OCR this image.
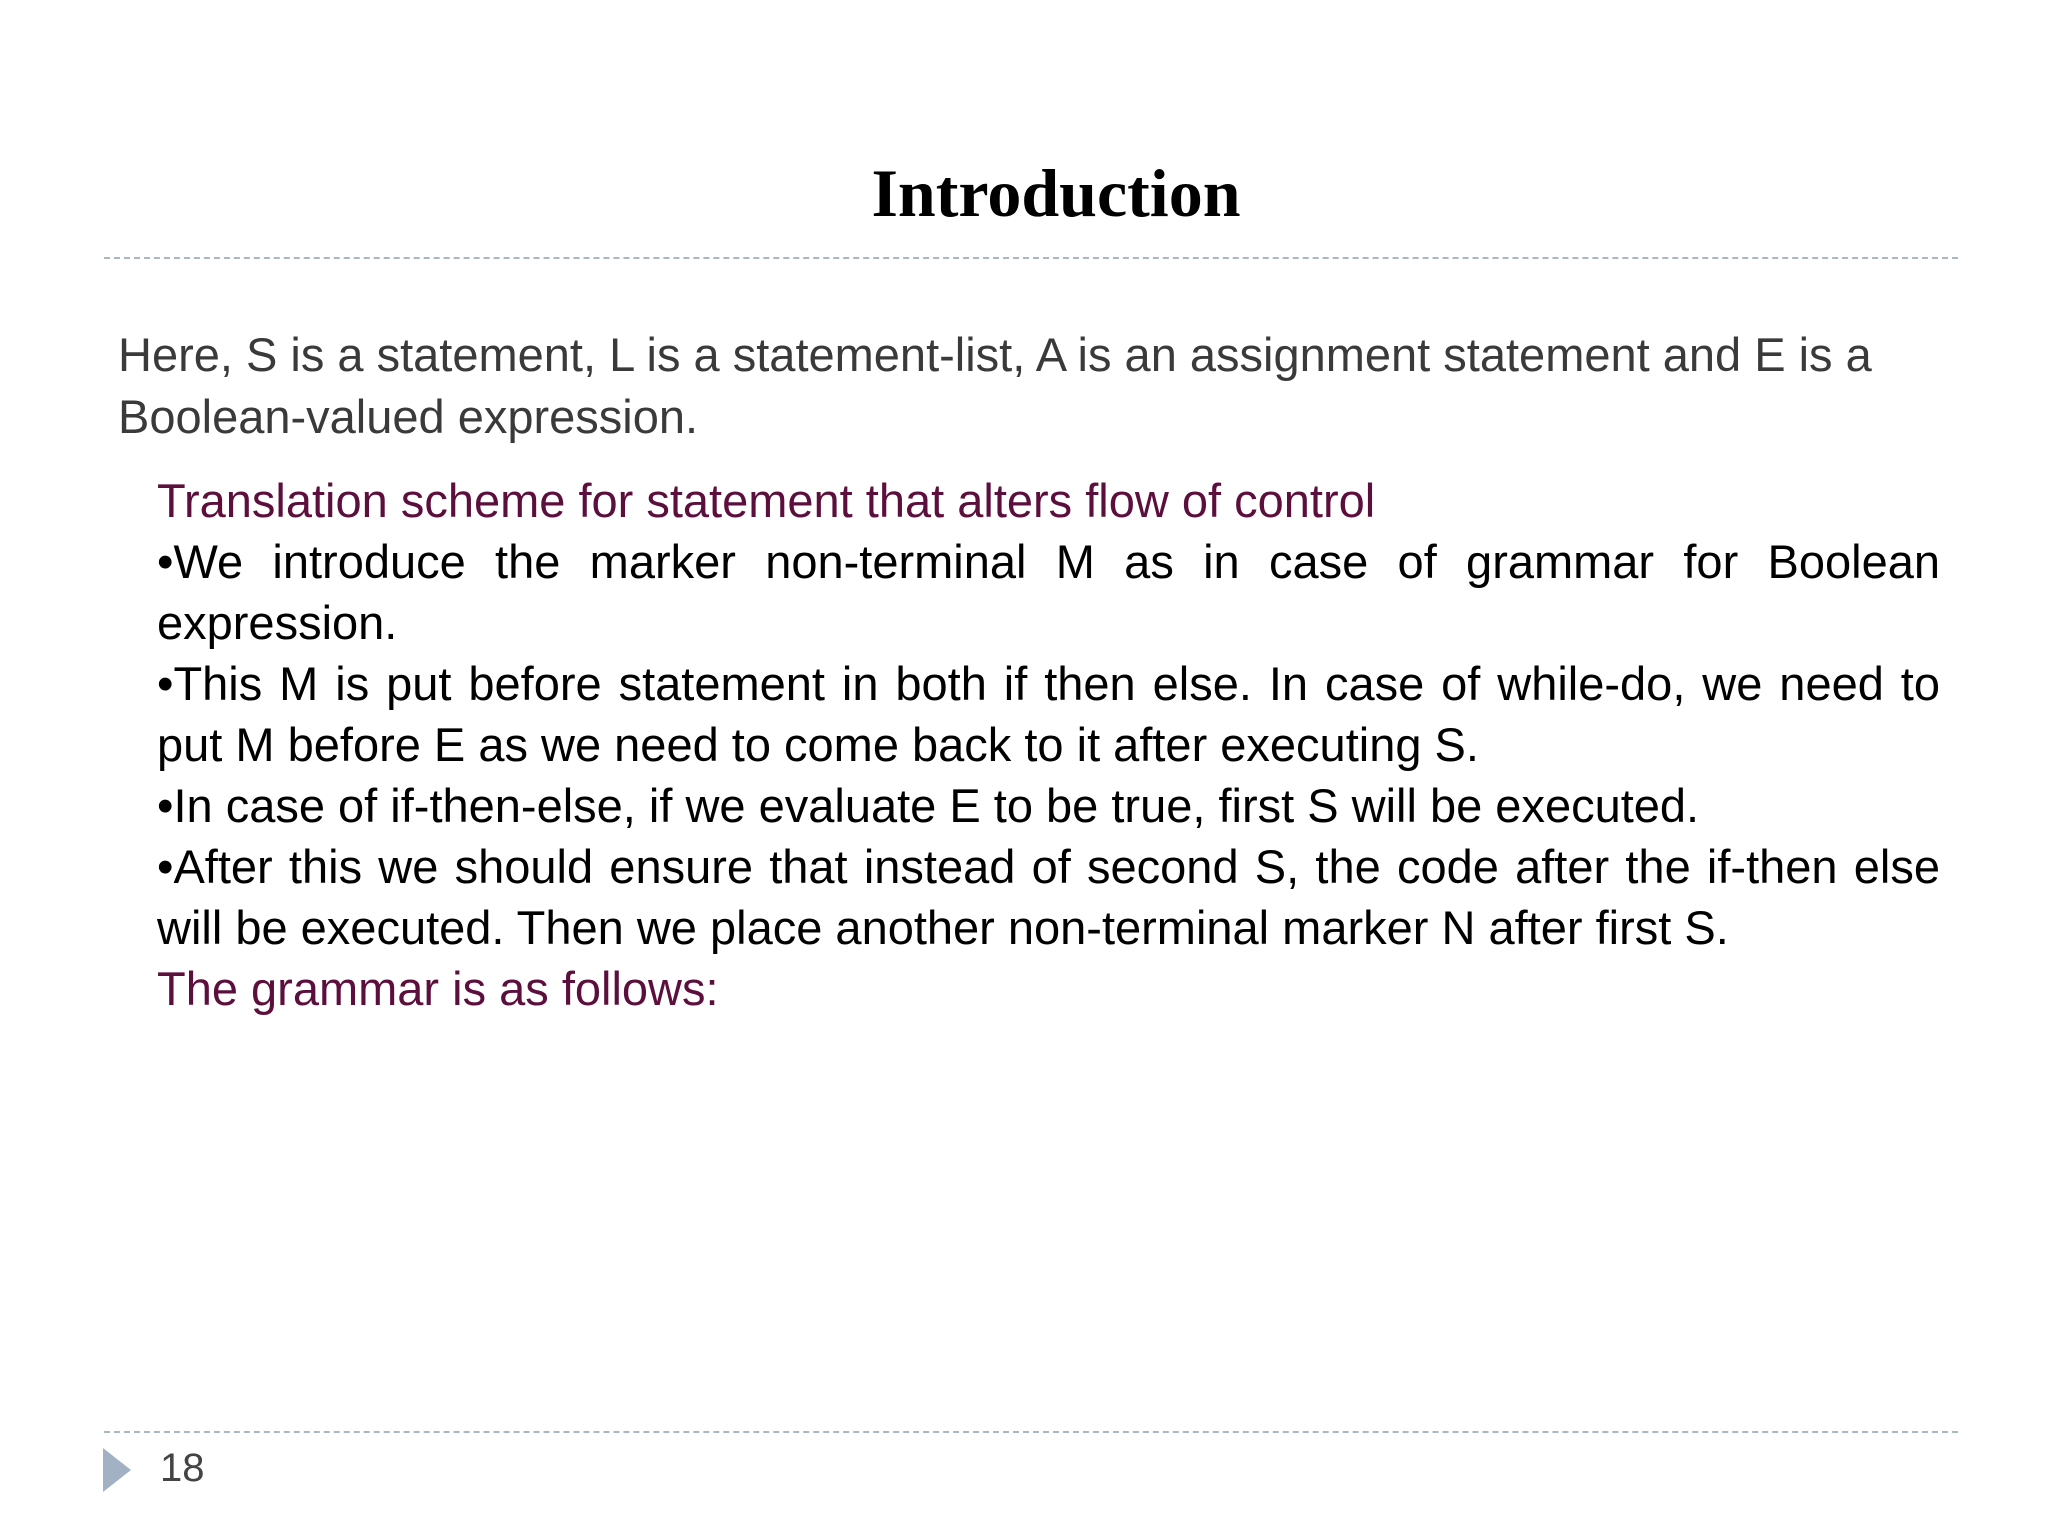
Introduction

Here, S is a statement, L is a statement-list, A is an assignment statement and E is a Boolean-valued expression.

Translation scheme for statement that alters flow of control

•We introduce the marker non-terminal M as in case of grammar for Boolean expression.

•This M is put before statement in both if then else. In case of while-do, we need to put M before E as we need to come back to it after executing S.

•In case of if-then-else, if we evaluate E to be true, first S will be executed.

•After this we should ensure that instead of second S, the code after the if-then else will be executed. Then we place another non-terminal marker N after first S.

The grammar is as follows:

18
